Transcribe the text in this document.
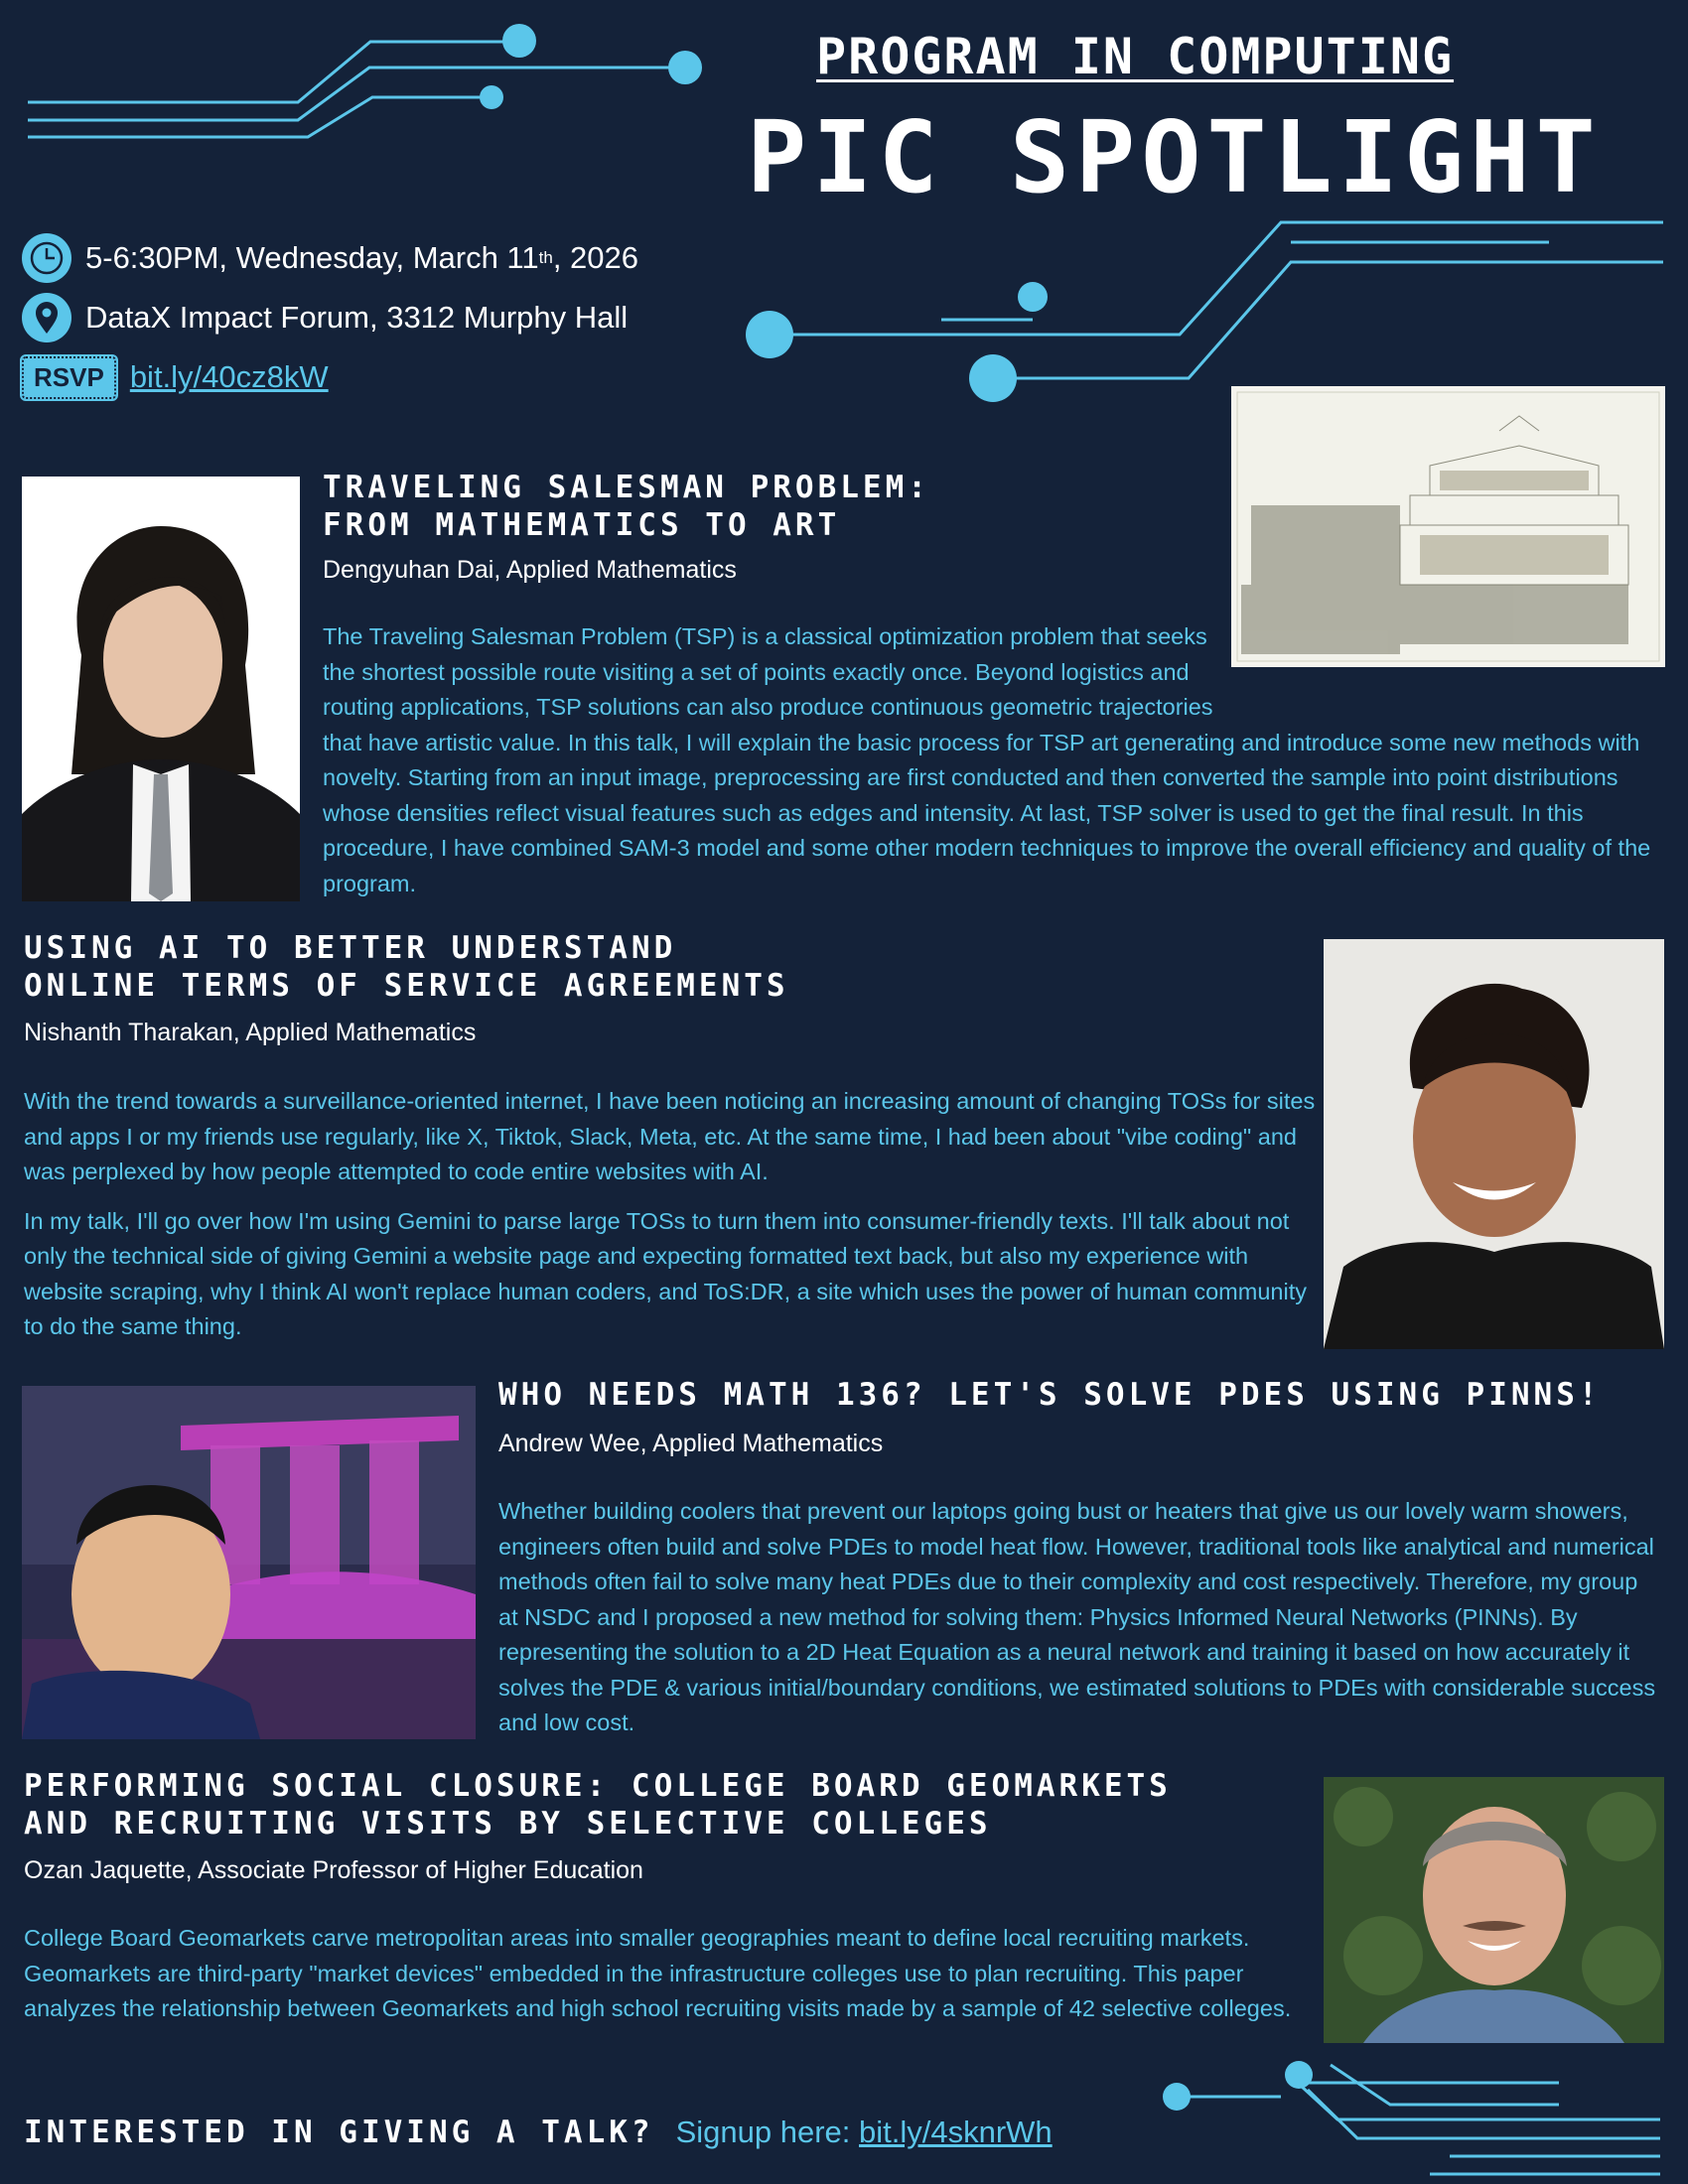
PROGRAM IN COMPUTING
PIC SPOTLIGHT
5-6:30PM, Wednesday, March 11 th , 2026
DataX Impact Forum, 3312 Murphy Hall
RSVP bit.ly/40cz8kW
TRAVELING SALESMAN PROBLEM:
FROM MATHEMATICS TO ART
Dengyuhan Dai, Applied Mathematics

The Traveling Salesman Problem (TSP) is a classical optimization problem that seeks the shortest possible route visiting a set of points exactly once. Beyond logistics and routing applications, TSP solutions can also produce continuous geometric trajectories that have artistic value. In this talk, I will explain the basic process for TSP art generating and introduce some new methods with novelty. Starting from an input image, preprocessing are first conducted and then converted the sample into point distributions whose densities reflect visual features such as edges and intensity. At last, TSP solver is used to get the final result. In this procedure, I have combined SAM-3 model and some other modern techniques to improve the overall efficiency and quality of the program.

USING AI TO BETTER UNDERSTAND
ONLINE TERMS OF SERVICE AGREEMENTS
Nishanth Tharakan, Applied Mathematics

With the trend towards a surveillance-oriented internet, I have been noticing an increasing amount of changing TOSs for sites and apps I or my friends use regularly, like X, Tiktok, Slack, Meta, etc. At the same time, I had been about "vibe coding" and was perplexed by how people attempted to code entire websites with AI.

In my talk, I'll go over how I'm using Gemini to parse large TOSs to turn them into consumer-friendly texts. I'll talk about not only the technical side of giving Gemini a website page and expecting formatted text back, but also my experience with website scraping, why I think AI won't replace human coders, and ToS:DR, a site which uses the power of human community to do the same thing.

WHO NEEDS MATH 136? LET'S SOLVE PDES USING PINNS!
Andrew Wee, Applied Mathematics

Whether building coolers that prevent our laptops going bust or heaters that give us our lovely warm showers, engineers often build and solve PDEs to model heat flow. However, traditional tools like analytical and numerical methods often fail to solve many heat PDEs due to their complexity and cost respectively. Therefore, my group at NSDC and I proposed a new method for solving them: Physics Informed Neural Networks (PINNs). By representing the solution to a 2D Heat Equation as a neural network and training it based on how accurately it solves the PDE & various initial/boundary conditions, we estimated solutions to PDEs with considerable success and low cost.

PERFORMING SOCIAL CLOSURE: COLLEGE BOARD GEOMARKETS
AND RECRUITING VISITS BY SELECTIVE COLLEGES
Ozan Jaquette, Associate Professor of Higher Education

College Board Geomarkets carve metropolitan areas into smaller geographies meant to define local recruiting markets. Geomarkets are third-party "market devices" embedded in the infrastructure colleges use to plan recruiting. This paper analyzes the relationship between Geomarkets and high school recruiting visits made by a sample of 42 selective colleges.

INTERESTED IN GIVING A TALK? Signup here: bit.ly/4sknrWh
